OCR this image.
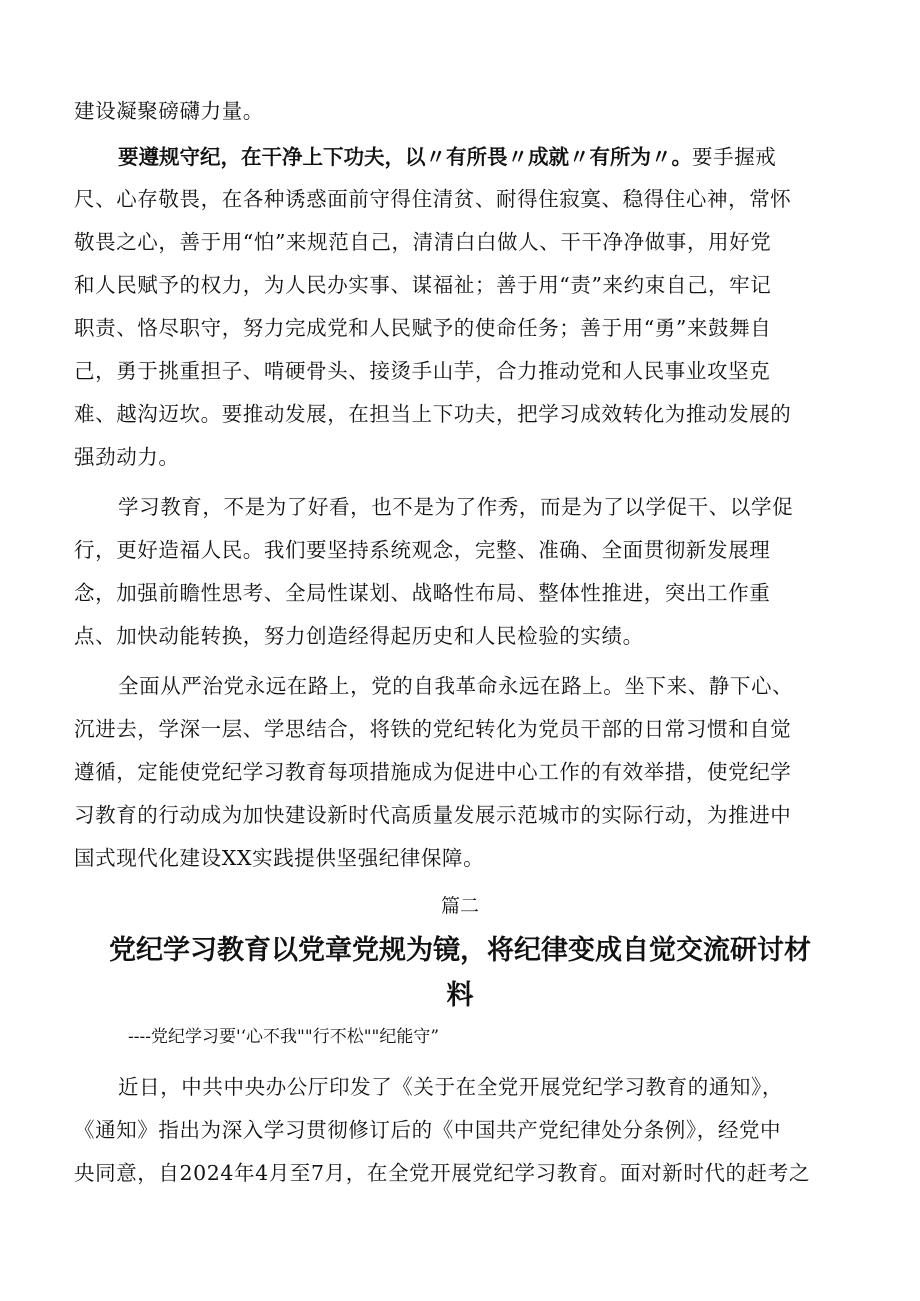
建设凝聚磅礴力量。
要遵规守纪，在干净上下功夫，以〃有所畏〃成就〃有所为〃。要手握戒
尺、心存敬畏，在各种诱惑面前守得住清贫、耐得住寂寞、稳得住心神，常怀
敬畏之心，善于用“怕”来规范自己，清清白白做人、干干净净做事，用好党
和人民赋予的权力，为人民办实事、谋福祉；善于用“责”来约束自己，牢记
职责、恪尽职守，努力完成党和人民赋予的使命任务；善于用“勇”来鼓舞自
己，勇于挑重担子、啃硬骨头、接烫手山芋，合力推动党和人民事业攻坚克
难、越沟迈坎。要推动发展，在担当上下功夫，把学习成效转化为推动发展的
强劲动力。
学习教育，不是为了好看，也不是为了作秀，而是为了以学促干、以学促
行，更好造福人民。我们要坚持系统观念，完整、准确、全面贯彻新发展理
念，加强前瞻性思考、全局性谋划、战略性布局、整体性推进，突出工作重
点、加快动能转换，努力创造经得起历史和人民检验的实绩。
全面从严治党永远在路上，党的自我革命永远在路上。坐下来、静下心、
沉进去，学深一层、学思结合，将铁的党纪转化为党员干部的日常习惯和自觉
遵循，定能使党纪学习教育每项措施成为促进中心工作的有效举措，使党纪学
习教育的行动成为加快建设新时代高质量发展示范城市的实际行动，为推进中
国式现代化建设XX实践提供坚强纪律保障。
篇二
党纪学习教育以党章党规为镜，将纪律变成自觉交流研讨材
料
----党纪学习要'‘心不我""行不松""纪能守”
近日，中共中央办公厅印发了《关于在全党开展党纪学习教育的通知》，
《通知》指出为深入学习贯彻修订后的《中国共产党纪律处分条例》，经党中
央同意，自2024年4月至7月，在全党开展党纪学习教育。面对新时代的赶考之
